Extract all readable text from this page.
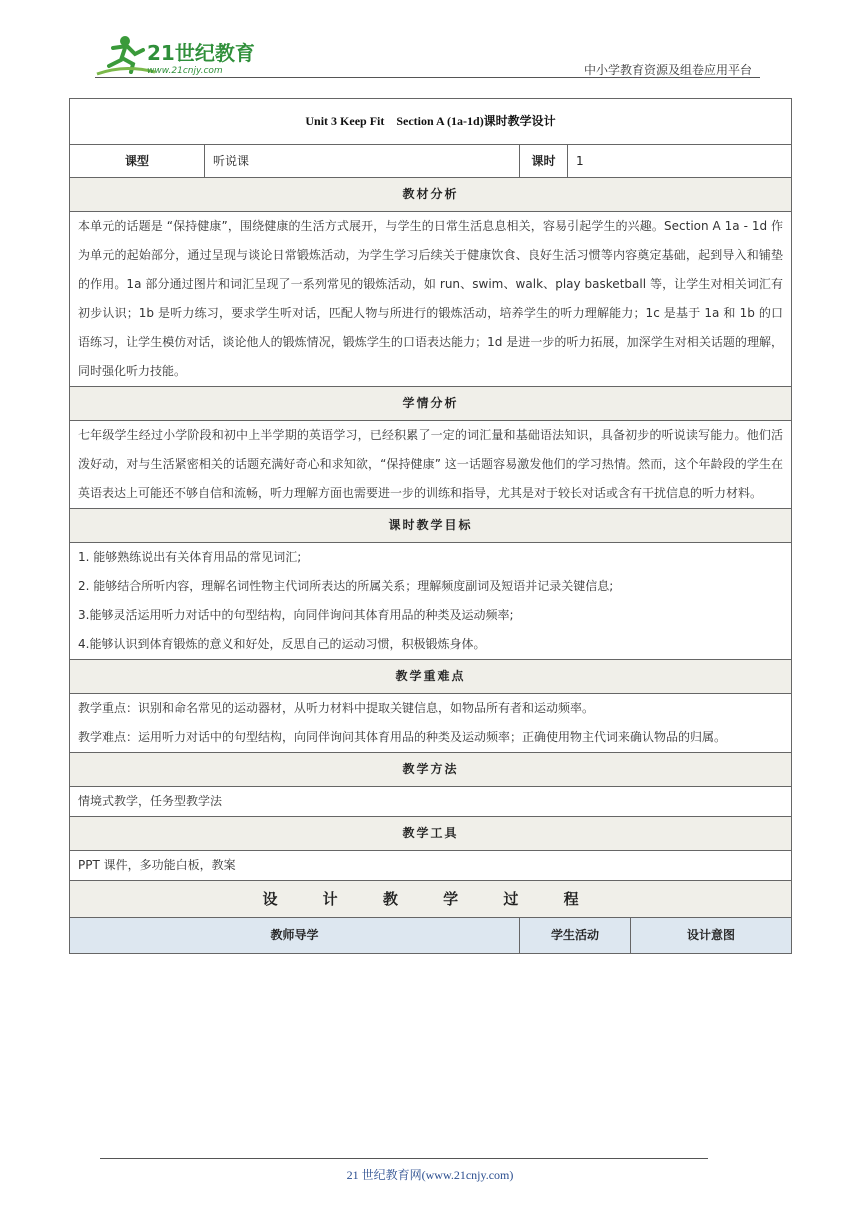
21世纪教育
www.21cnjy.com	中小学教育资源及组卷应用平台
Unit 3 Keep Fit　Section A (1a-1d)课时教学设计				
课型	听说课	课时	1	
教材分析				
本单元的话题是 “保持健康”，围绕健康的生活方式展开，与学生的日常生活息息相关，容易引起学生的兴趣。Section A 1a - 1d 作为单元的起始部分，通过呈现与谈论日常锻炼活动，为学生学习后续关于健康饮食、良好生活习惯等内容奠定基础，起到导入和铺垫的作用。1a 部分通过图片和词汇呈现了一系列常见的锻炼活动，如 run、swim、walk、play basketball 等，让学生对相关词汇有初步认识；1b 是听力练习，要求学生听对话，匹配人物与所进行的锻炼活动，培养学生的听力理解能力；1c 是基于 1a 和 1b 的口语练习，让学生模仿对话，谈论他人的锻炼情况，锻炼学生的口语表达能力；1d 是进一步的听力拓展，加深学生对相关话题的理解，同时强化听力技能。				
学情分析				
七年级学生经过小学阶段和初中上半学期的英语学习，已经积累了一定的词汇量和基础语法知识，具备初步的听说读写能力。他们活泼好动，对与生活紧密相关的话题充满好奇心和求知欲，“保持健康” 这一话题容易激发他们的学习热情。然而，这个年龄段的学生在英语表达上可能还不够自信和流畅，听力理解方面也需要进一步的训练和指导，尤其是对于较长对话或含有干扰信息的听力材料。				
课时教学目标				

1. 能够熟练说出有关体育用品的常见词汇;

2. 能够结合所听内容，理解名词性物主代词所表达的所属关系；理解频度副词及短语并记录关键信息;

3.能够灵活运用听力对话中的句型结构，向同伴询问其体育用品的种类及运动频率;

4.能够认识到体育锻炼的意义和好处，反思自己的运动习惯，积极锻炼身体。				

教学重难点				

教学重点：识别和命名常见的运动器材，从听力材料中提取关键信息，如物品所有者和运动频率。

教学难点：运用听力对话中的句型结构，向同伴询问其体育用品的种类及运动频率；正确使用物主代词来确认物品的归属。				

教学方法				
情境式教学，任务型教学法				
教学工具				
PPT 课件，多功能白板，教案				
设 计 教 学 过 程				
教师导学		学生活动		设计意图
21 世纪教育网(www.21cnjy.com)
